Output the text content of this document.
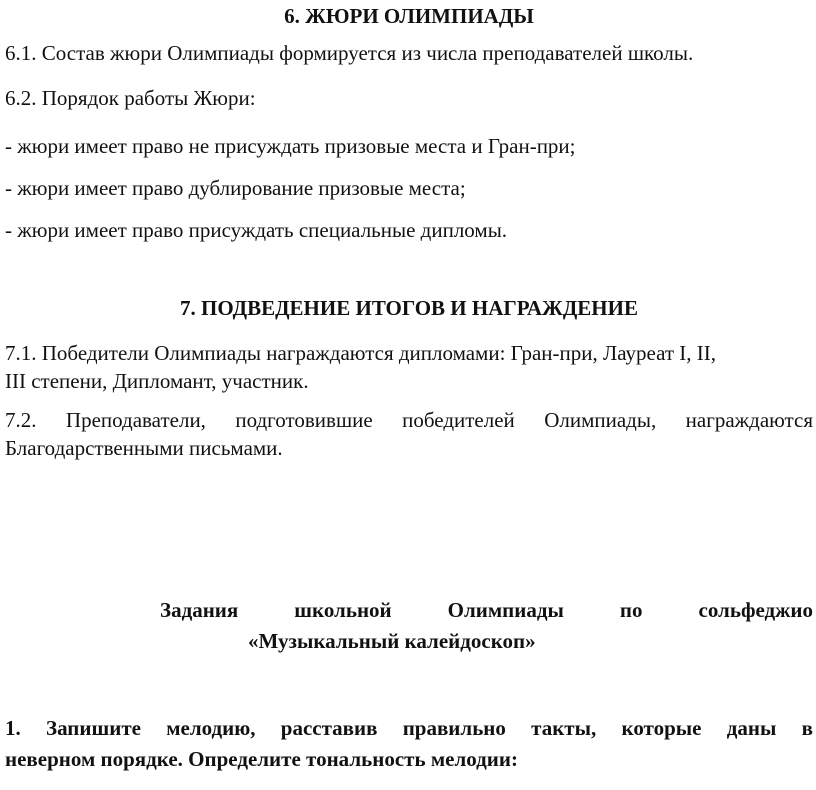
6. ЖЮРИ ОЛИМПИАДЫ
6.1. Состав жюри Олимпиады формируется из числа преподавателей школы.
6.2. Порядок работы Жюри:
- жюри имеет право не присуждать призовые места и Гран-при;
- жюри имеет право дублирование призовые места;
- жюри имеет право присуждать специальные дипломы.
7. ПОДВЕДЕНИЕ ИТОГОВ И НАГРАЖДЕНИЕ
7.1. Победители Олимпиады награждаются дипломами: Гран-при, Лауреат I, II,
III степени, Дипломант, участник.
7.2. Преподаватели, подготовившие победителей Олимпиады, награждаются
Благодарственными письмами.
Задания	школьной	Олимпиады	по	сольфеджио
«Музыкальный калейдоскоп»
1. Запишите мелодию, расставив правильно такты, которые даны в
неверном порядке. Определите тональность мелодии:
